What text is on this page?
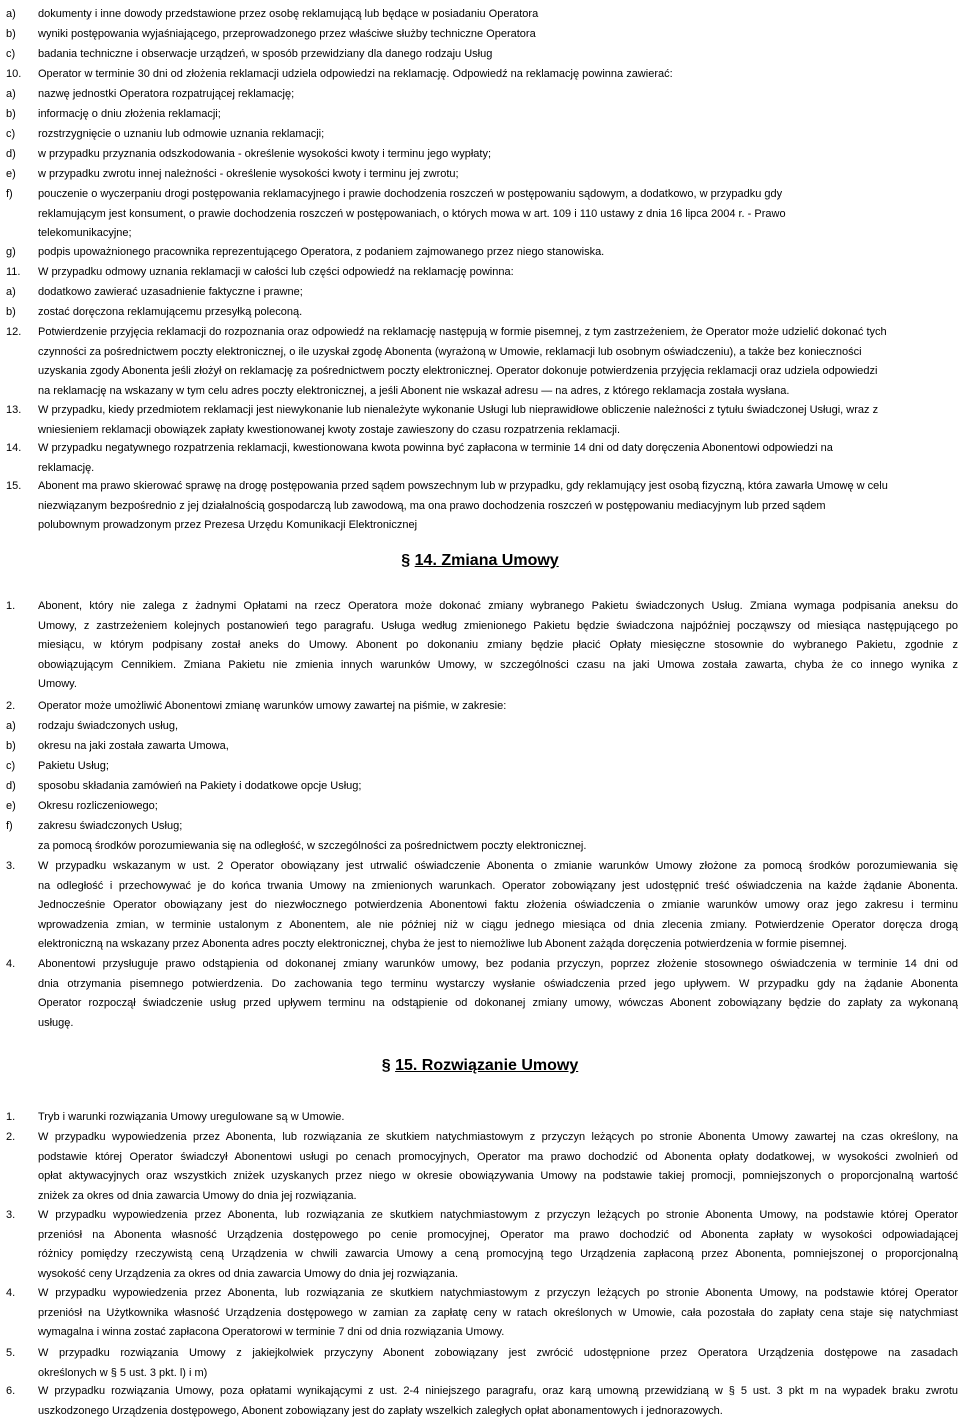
a) dokumenty i inne dowody przedstawione przez osobę reklamującą lub będące w posiadaniu Operatora
b) wyniki postępowania wyjaśniającego, przeprowadzonego przez właściwe służby techniczne Operatora
c) badania techniczne i obserwacje urządzeń, w sposób przewidziany dla danego rodzaju Usług
10. Operator w terminie 30 dni od złożenia reklamacji udziela odpowiedzi na reklamację. Odpowiedź na reklamację powinna zawierać:
a) nazwę jednostki Operatora rozpatrującej reklamację;
b) informację o dniu złożenia reklamacji;
c) rozstrzygnięcie o uznaniu lub odmowie uznania reklamacji;
d) w przypadku przyznania odszkodowania - określenie wysokości kwoty i terminu jego wypłaty;
e) w przypadku zwrotu innej należności - określenie wysokości kwoty i terminu jej zwrotu;
f) pouczenie o wyczerpaniu drogi postępowania reklamacyjnego i prawie dochodzenia roszczeń w postępowaniu sądowym, a dodatkowo, w przypadku gdy
reklamującym jest konsument, o prawie dochodzenia roszczeń w postępowaniach, o których mowa w art. 109 i 110 ustawy z dnia 16 lipca 2004 r. - Prawo
telekomunikacyjne;
g) podpis upoważnionego pracownika reprezentującego Operatora, z podaniem zajmowanego przez niego stanowiska.
11. W przypadku odmowy uznania reklamacji w całości lub części odpowiedź na reklamację powinna:
a) dodatkowo zawierać uzasadnienie faktyczne i prawne;
b) zostać doręczona reklamującemu przesyłką poleconą.
12. Potwierdzenie przyjęcia reklamacji do rozpoznania oraz odpowiedź na reklamację następują w formie pisemnej, z tym zastrzeżeniem, że Operator może udzielić dokonać tych
czynności za pośrednictwem poczty elektronicznej, o ile uzyskał zgodę Abonenta (wyrażoną w Umowie, reklamacji lub osobnym oświadczeniu), a także bez konieczności
uzyskania zgody Abonenta jeśli złożył on reklamację za pośrednictwem poczty elektronicznej. Operator dokonuje potwierdzenia przyjęcia reklamacji oraz udziela odpowiedzi
na reklamację na wskazany w tym celu adres poczty elektronicznej, a jeśli Abonent nie wskazał adresu — na adres, z którego reklamacja została wysłana.
13. W przypadku, kiedy przedmiotem reklamacji jest niewykonanie lub nienależyte wykonanie Usługi lub nieprawidłowe obliczenie należności z tytułu świadczonej Usługi, wraz z
wniesieniem reklamacji obowiązek zapłaty kwestionowanej kwoty zostaje zawieszony do czasu rozpatrzenia reklamacji.
14. W przypadku negatywnego rozpatrzenia reklamacji, kwestionowana kwota powinna być zapłacona w terminie 14 dni od daty doręczenia Abonentowi odpowiedzi na
reklamację.
15. Abonent ma prawo skierować sprawę na drogę postępowania przed sądem powszechnym lub w przypadku, gdy reklamujący jest osobą fizyczną, która zawarła Umowę w celu
niezwiązanym bezpośrednio z jej działalnością gospodarczą lub zawodową, ma ona prawo dochodzenia roszczeń w postępowaniu mediacyjnym lub przed sądem
polubownym prowadzonym przez Prezesa Urzędu Komunikacji Elektronicznej
§ 14. Zmiana Umowy
1. Abonent, który nie zalega z żadnymi Opłatami na rzecz Operatora może dokonać zmiany wybranego Pakietu świadczonych Usług. Zmiana wymaga podpisania aneksu do
Umowy, z zastrzeżeniem kolejnych postanowień tego paragrafu. Usługa według zmienionego Pakietu będzie świadczona najpóźniej począwszy od miesiąca następującego po
miesiącu, w którym podpisany został aneks do Umowy. Abonent po dokonaniu zmiany będzie płacić Opłaty miesięczne stosownie do wybranego Pakietu, zgodnie z
obowiązującym Cennikiem. Zmiana Pakietu nie zmienia innych warunków Umowy, w szczególności czasu na jaki Umowa została zawarta, chyba że co innego wynika z
Umowy.
2. Operator może umożliwić Abonentowi zmianę warunków umowy zawartej na piśmie, w zakresie:
a) rodzaju świadczonych usług,
b) okresu na jaki została zawarta Umowa,
c) Pakietu Usług;
d) sposobu składania zamówień na Pakiety i dodatkowe opcje Usług;
e) Okresu rozliczeniowego;
f) zakresu świadczonych Usług;
za pomocą środków porozumiewania się na odległość, w szczególności za pośrednictwem poczty elektronicznej.
3. W przypadku wskazanym w ust. 2 Operator obowiązany jest utrwalić oświadczenie Abonenta o zmianie warunków Umowy złożone za pomocą środków porozumiewania się
na odległość i przechowywać je do końca trwania Umowy na zmienionych warunkach. Operator zobowiązany jest udostępnić treść oświadczenia na każde żądanie Abonenta.
Jednocześnie Operator obowiązany jest do niezwłocznego potwierdzenia Abonentowi faktu złożenia oświadczenia o zmianie warunków umowy oraz jego zakresu i terminu
wprowadzenia zmian, w terminie ustalonym z Abonentem, ale nie później niż w ciągu jednego miesiąca od dnia zlecenia zmiany. Potwierdzenie Operator doręcza drogą
elektroniczną na wskazany przez Abonenta adres poczty elektronicznej, chyba że jest to niemożliwe lub Abonent zażąda doręczenia potwierdzenia w formie pisemnej.
4. Abonentowi przysługuje prawo odstąpienia od dokonanej zmiany warunków umowy, bez podania przyczyn, poprzez złożenie stosownego oświadczenia w terminie 14 dni od
dnia otrzymania pisemnego potwierdzenia. Do zachowania tego terminu wystarczy wysłanie oświadczenia przed jego upływem. W przypadku gdy na żądanie Abonenta
Operator rozpoczął świadczenie usług przed upływem terminu na odstąpienie od dokonanej zmiany umowy, wówczas Abonent zobowiązany będzie do zapłaty za wykonaną
usługę.
§ 15. Rozwiązanie Umowy
1. Tryb i warunki rozwiązania Umowy uregulowane są w Umowie.
2. W przypadku wypowiedzenia przez Abonenta, lub rozwiązania ze skutkiem natychmiastowym z przyczyn leżących po stronie Abonenta Umowy zawartej na czas określony, na
podstawie której Operator świadczył Abonentowi usługi po cenach promocyjnych, Operator ma prawo dochodzić od Abonenta opłaty dodatkowej, w wysokości zwolnień od
opłat aktywacyjnych oraz wszystkich zniżek uzyskanych przez niego w okresie obowiązywania Umowy na podstawie takiej promocji, pomniejszonych o proporcjonalną wartość
zniżek za okres od dnia zawarcia Umowy do dnia jej rozwiązania.
3. W przypadku wypowiedzenia przez Abonenta, lub rozwiązania ze skutkiem natychmiastowym z przyczyn leżących po stronie Abonenta Umowy, na podstawie której Operator
przeniósł na Abonenta własność Urządzenia dostępowego po cenie promocyjnej, Operator ma prawo dochodzić od Abonenta zapłaty w wysokości odpowiadającej
różnicy pomiędzy rzeczywistą ceną Urządzenia w chwili zawarcia Umowy a ceną promocyjną tego Urządzenia zapłaconą przez Abonenta, pomniejszonej o proporcjonalną
wysokość ceny Urządzenia za okres od dnia zawarcia Umowy do dnia jej rozwiązania.
4. W przypadku wypowiedzenia przez Abonenta, lub rozwiązania ze skutkiem natychmiastowym z przyczyn leżących po stronie Abonenta Umowy, na podstawie której Operator
przeniósł na Użytkownika własność Urządzenia dostępowego w zamian za zapłatę ceny w ratach określonych w Umowie, cała pozostała do zapłaty cena staje się natychmiast
wymagalna i winna zostać zapłacona Operatorowi w terminie 7 dni od dnia rozwiązania Umowy.
5. W przypadku rozwiązania Umowy z jakiejkolwiek przyczyny Abonent zobowiązany jest zwrócić udostępnione przez Operatora Urządzenia dostępowe na zasadach
określonych w § 5 ust. 3 pkt. l) i m)
6. W przypadku rozwiązania Umowy, poza opłatami wynikającymi z ust. 2-4 niniejszego paragrafu, oraz karą umowną przewidzianą w § 5 ust. 3 pkt m na wypadek braku zwrotu
uszkodzonego Urządzenia dostępowego, Abonent zobowiązany jest do zapłaty wszelkich zaległych opłat abonamentowych i jednorazowych.
